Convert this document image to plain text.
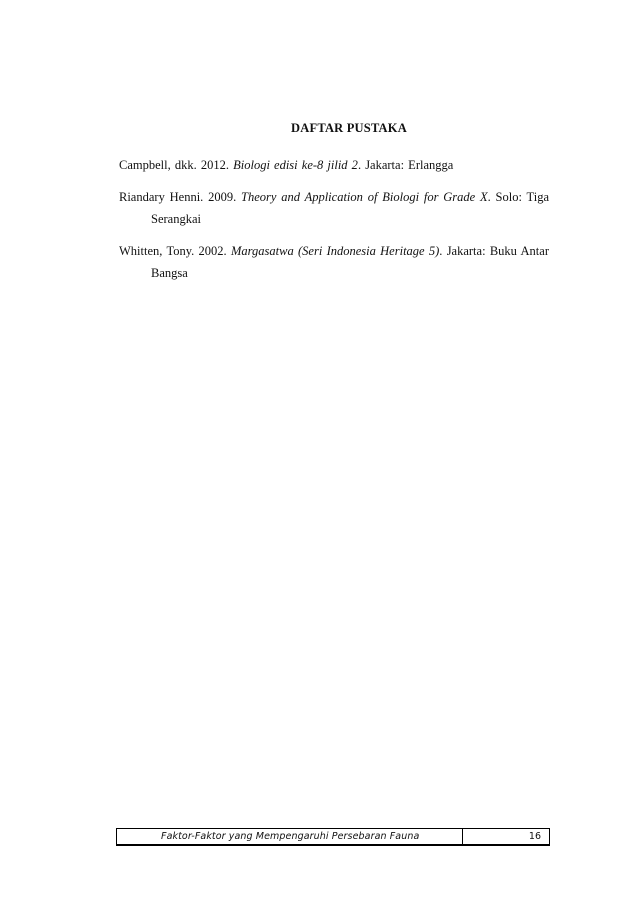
DAFTAR PUSTAKA
Campbell, dkk. 2012. Biologi edisi ke-8 jilid 2. Jakarta: Erlangga
Riandary Henni. 2009. Theory and Application of Biologi for Grade X. Solo: Tiga Serangkai
Whitten, Tony. 2002. Margasatwa (Seri Indonesia Heritage 5). Jakarta: Buku Antar Bangsa
Faktor-Faktor yang Mempengaruhi Persebaran Fauna	16
